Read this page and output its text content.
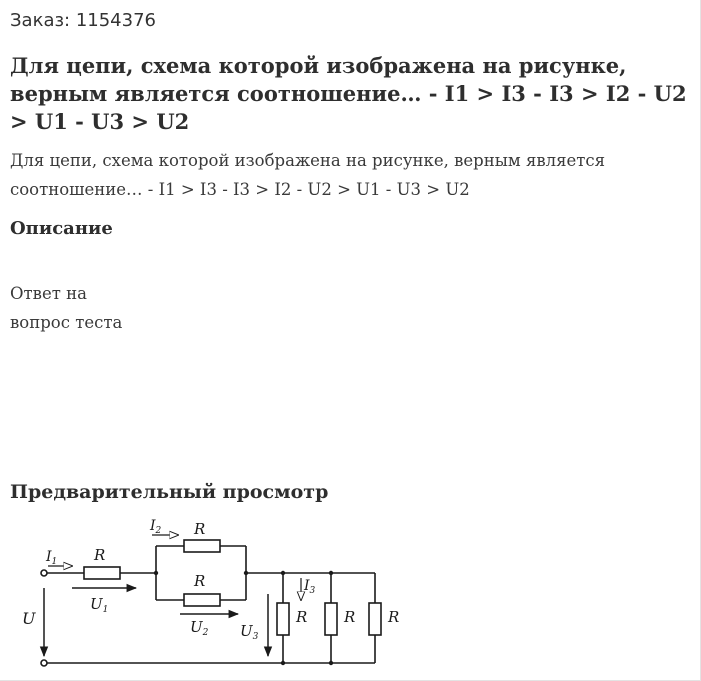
Заказ: 1154376
Для цепи, схема которой изображена на рисунке, верным является соотношение… - I1 > I3 - I3 > I2 - U2 > U1 - U3 > U2
Для цепи, схема которой изображена на рисунке, верным является соотношение… - I1 > I3 - I3 > I2 - U2 > U1 - U3 > U2
Описание
Ответ на
вопрос теста
Предварительный просмотр
$I_1$ R
$I_2$ R
R	$I_3$
U
$U_1$
$U_2$ $U_3$
R R R
